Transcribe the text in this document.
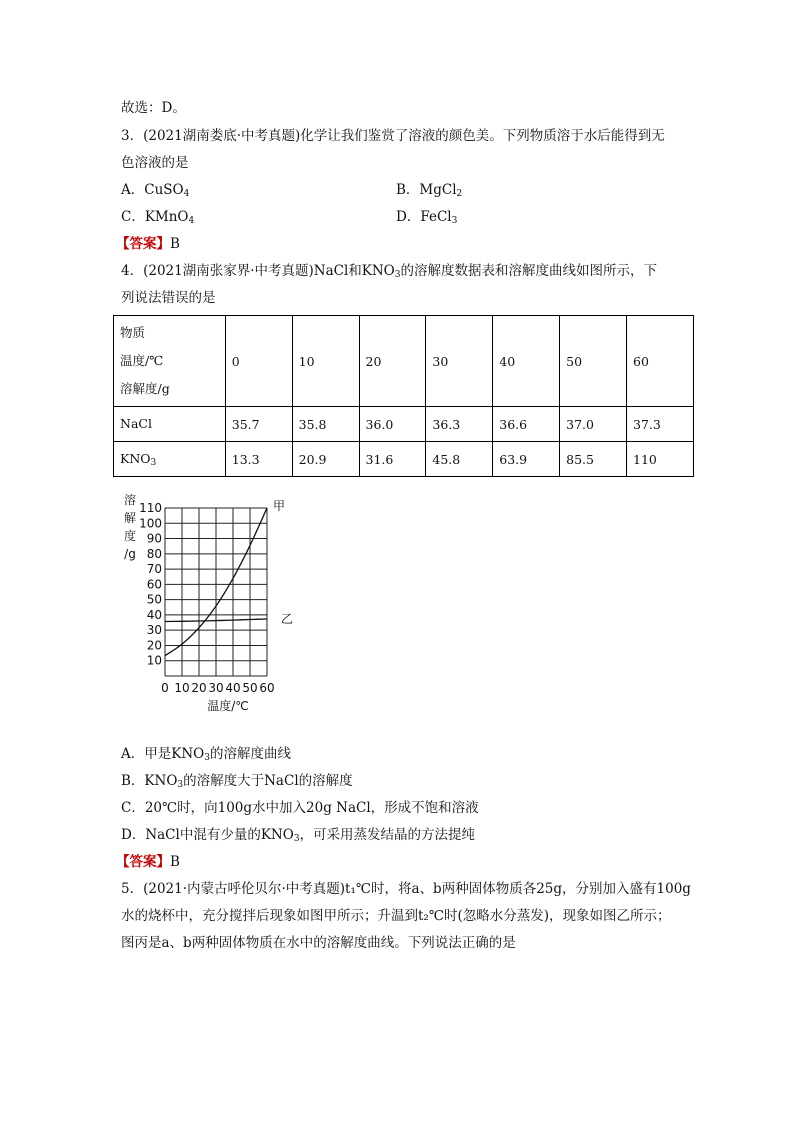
故选：D。
3．(2021湖南娄底·中考真题)化学让我们鉴赏了溶液的颜色美。下列物质溶于水后能得到无
色溶液的是
A．CuSO$_4$	B．MgCl$_2$
C．KMnO$_4$	D．FeCl$_3$
【答案】B
4．(2021湖南张家界·中考真题)NaCl和$KNO_3$的溶解度数据表和溶解度曲线如图所示，下
列说法错误的是
物质
温度/℃
溶解度/g	0	10	20	30	40	50	60
NaCl	35.7	35.8	36.0	36.3	36.6	37.0	37.3
$KNO_3$	13.3	20.9	31.6	45.8	63.9	85.5	110
10
20
30
40
50
60
70
80
90
100
110
0 10 20 30 40 50 60
溶
解
度
/g
温度/℃
甲
乙
A．甲是$KNO_3$的溶解度曲线
B．$KNO_3$的溶解度大于NaCl的溶解度
C．20℃时，向100g水中加入20g NaCl，形成不饱和溶液
D．NaCl中混有少量的$KNO_3$，可采用蒸发结晶的方法提纯
【答案】B
5．(2021·内蒙古呼伦贝尔·中考真题)t₁℃时，将a、b两种固体物质各25g，分别加入盛有100g
水的烧杯中，充分搅拌后现象如图甲所示；升温到t₂℃时(忽略水分蒸发)，现象如图乙所示；
图丙是a、b两种固体物质在水中的溶解度曲线。下列说法正确的是
